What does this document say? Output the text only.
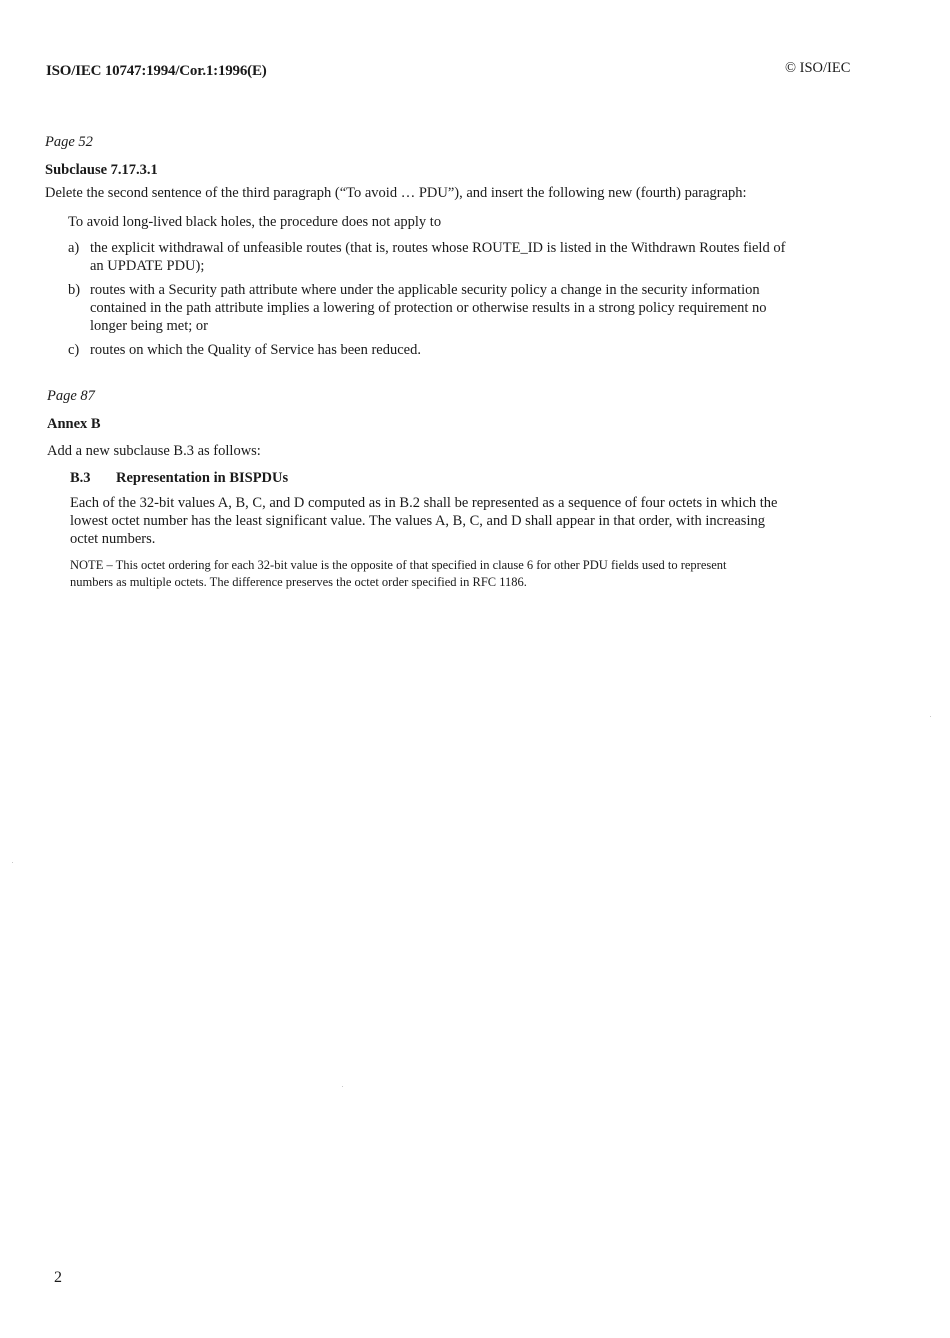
ISO/IEC 10747:1994/Cor.1:1996(E)	© ISO/IEC
Page 52
Subclause 7.17.3.1
Delete the second sentence of the third paragraph (“To avoid … PDU”), and insert the following new (fourth) paragraph:
To avoid long-lived black holes, the procedure does not apply to
a) the explicit withdrawal of unfeasible routes (that is, routes whose ROUTE_ID is listed in the Withdrawn Routes field of
an UPDATE PDU);
b) routes with a Security path attribute where under the applicable security policy a change in the security information
contained in the path attribute implies a lowering of protection or otherwise results in a strong policy requirement no
longer being met; or
c) routes on which the Quality of Service has been reduced.
Page 87
Annex B
Add a new subclause B.3 as follows:
B.3 Representation in BISPDUs
Each of the 32-bit values A, B, C, and D computed as in B.2 shall be represented as a sequence of four octets in which the
lowest octet number has the least significant value. The values A, B, C, and D shall appear in that order, with increasing
octet numbers.
NOTE – This octet ordering for each 32-bit value is the opposite of that specified in clause 6 for other PDU fields used to represent
numbers as multiple octets. The difference preserves the octet order specified in RFC 1186.
2
